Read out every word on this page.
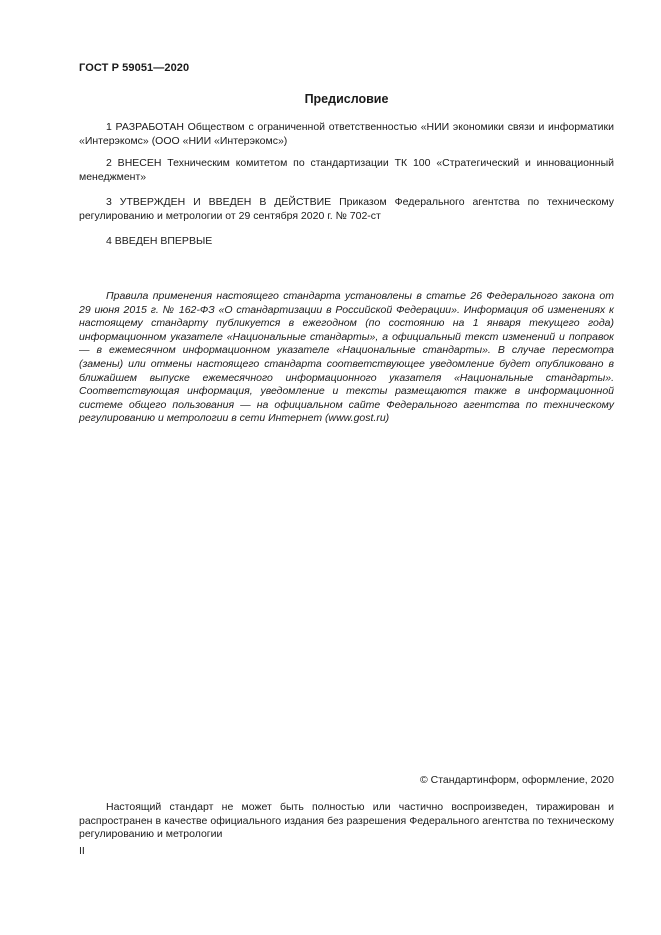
ГОСТ Р 59051—2020
Предисловие

1 РАЗРАБОТАН Обществом с ограниченной ответственностью «НИИ экономики связи и информатики «Интерэкомс» (ООО «НИИ «Интерэкомс»)

2 ВНЕСЕН Техническим комитетом по стандартизации ТК 100 «Стратегический и инновационный менеджмент»

3 УТВЕРЖДЕН И ВВЕДЕН В ДЕЙСТВИЕ Приказом Федерального агентства по техническому регулированию и метрологии от 29 сентября 2020 г. № 702-ст

4 ВВЕДЕН ВПЕРВЫЕ

Правила применения настоящего стандарта установлены в статье 26 Федерального закона от 29 июня 2015 г. № 162-ФЗ «О стандартизации в Российской Федерации». Информация об изменениях к настоящему стандарту публикуется в ежегодном (по состоянию на 1 января текущего года) информационном указателе «Национальные стандарты», а официальный текст изменений и поправок — в ежемесячном информационном указателе «Национальные стандарты». В случае пересмотра (замены) или отмены настоящего стандарта соответствующее уведомление будет опубликовано в ближайшем выпуске ежемесячного информационного указателя «Национальные стандарты». Соответствующая информация, уведомление и тексты размещаются также в информационной системе общего пользования — на официальном сайте Федерального агентства по техническому регулированию и метрологии в сети Интернет (www.gost.ru)

© Стандартинформ, оформление, 2020

Настоящий стандарт не может быть полностью или частично воспроизведен, тиражирован и распространен в качестве официального издания без разрешения Федерального агентства по техническому регулированию и метрологии

II
